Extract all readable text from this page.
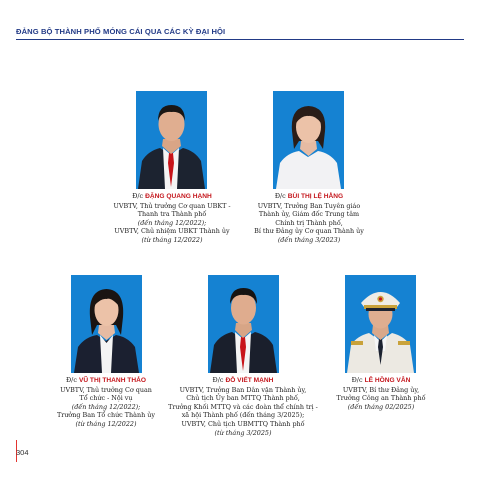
ĐẢNG BỘ THÀNH PHỐ MÓNG CÁI QUA CÁC KỲ ĐẠI HỘI
Đ/c ĐẶNG QUANG HẠNH
UVBTV, Thủ trưởng Cơ quan UBKT -
Thanh tra Thành phố
(đến tháng 12/2022);
UVBTV, Chủ nhiệm UBKT Thành ủy
(từ tháng 12/2022)
Đ/c BÙI THỊ LỆ HẰNG
UVBTV, Trưởng Ban Tuyên giáo
Thành ủy, Giám đốc Trung tâm
Chính trị Thành phố,
Bí thư Đảng ủy Cơ quan Thành ủy
(đến tháng 3/2023)
Đ/c VŨ THỊ THANH THẢO
UVBTV, Thủ trưởng Cơ quan
Tổ chức - Nội vụ
(đến tháng 12/2022);
Trưởng Ban Tổ chức Thành ủy
(từ tháng 12/2022)
Đ/c ĐỖ VIẾT MẠNH
UVBTV, Trưởng Ban Dân vận Thành ủy,
Chủ tịch Ủy ban MTTQ Thành phố,
Trưởng Khối MTTQ và các đoàn thể chính trị -
xã hội Thành phố (đến tháng 3/2025);
UVBTV, Chủ tịch UBMTTQ Thành phố
(từ tháng 3/2025)
Đ/c LÊ HỒNG VÂN
UVBTV, Bí thư Đảng ủy,
Trưởng Công an Thành phố
(đến tháng 02/2025)
304
